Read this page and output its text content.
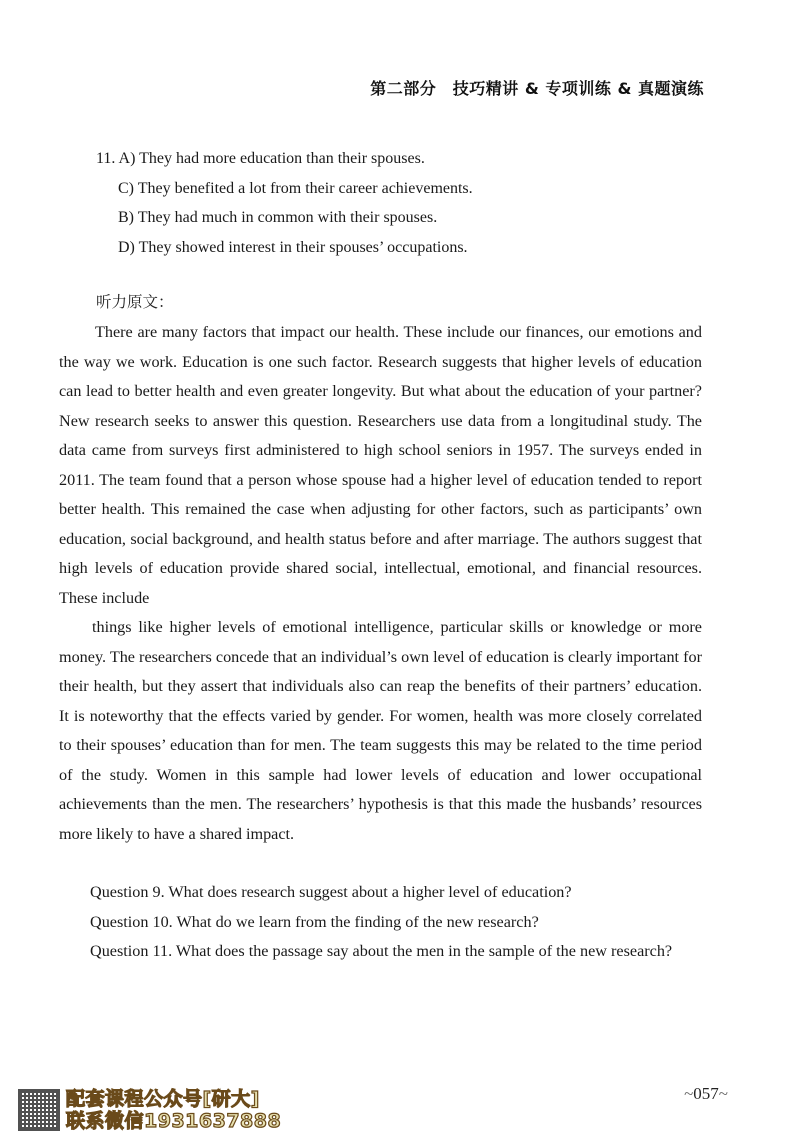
第二部分　技巧精讲 & 专项训练 & 真题演练
11. A) They had more education than their spouses.
C) They benefited a lot from their career achievements.
B) They had much in common with their spouses.
D) They showed interest in their spouses’ occupations.
听力原文：

There are many factors that impact our health. These include our finances, our emotions and the way we work. Education is one such factor. Research suggests that higher levels of education can lead to better health and even greater longevity. But what about the education of your partner? New research seeks to answer this question. Researchers use data from a longitudinal study. The data came from surveys first administered to high school seniors in 1957. The surveys ended in 2011. The team found that a person whose spouse had a higher level of education tended to report better health. This remained the case when adjusting for other factors, such as participants’ own education, social background, and health status before and after marriage. The authors suggest that high levels of education provide shared social, intellectual, emotional, and financial resources. These include

things like higher levels of emotional intelligence, particular skills or knowledge or more money. The researchers concede that an individual’s own level of education is clearly important for their health, but they assert that individuals also can reap the benefits of their partners’ education. It is noteworthy that the effects varied by gender. For women, health was more closely correlated to their spouses’ education than for men. The team suggests this may be related to the time period of the study. Women in this sample had lower levels of education and lower occupational achievements than the men. The researchers’ hypothesis is that this made the husbands’ resources more likely to have a shared impact.

Question 9. What does research suggest about a higher level of education?
Question 10. What do we learn from the finding of the new research?
Question 11. What does the passage say about the men in the sample of the new research?
配套课程公众号[研大]
联系微信1931637888
~ 057 ~
